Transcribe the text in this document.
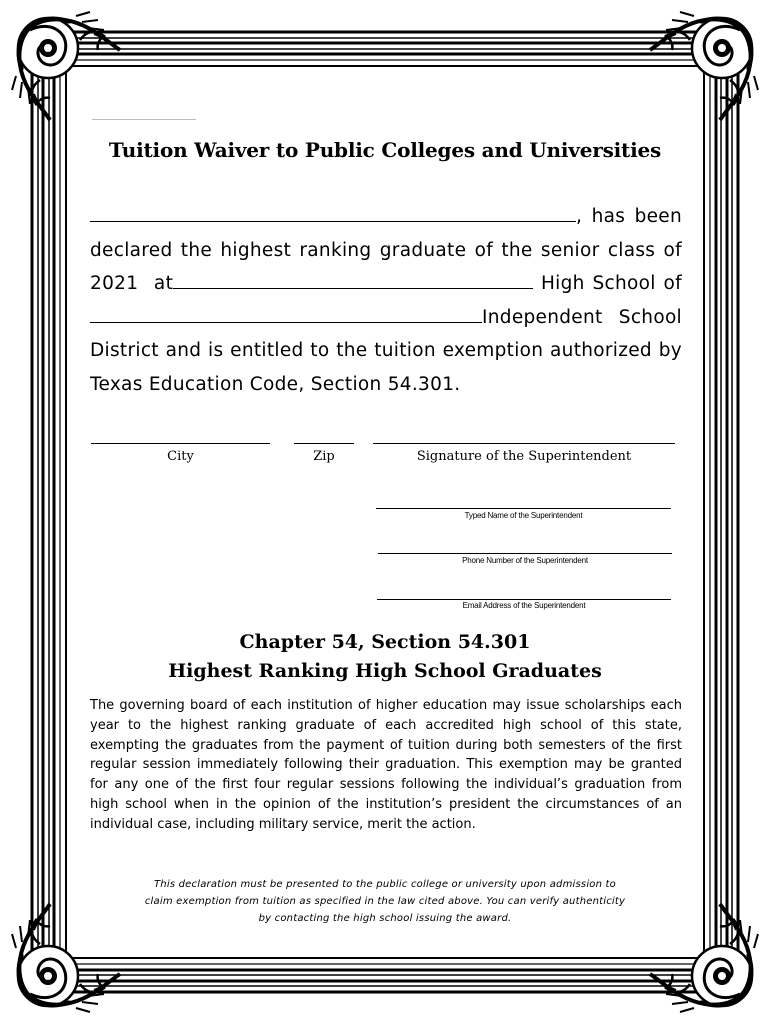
Tuition Waiver to Public Colleges and Universities
, has been
declared the highest ranking graduate of the senior class of
2021  at	High School of
Independent  School
District and is entitled to the tuition exemption authorized by
Texas Education Code, Section 54.301.
City	Zip	Signature of the Superintendent
Typed Name of the Superintendent
Phone Number of the Superintendent
Email Address of the Superintendent
Chapter 54, Section 54.301
Highest Ranking High School Graduates
The governing board of each institution of higher education may issue scholarships each year to the highest ranking graduate of each accredited high school of this state, exempting the graduates from the payment of tuition during both semesters of the first regular session immediately following their graduation. This exemption may be granted for any one of the first four regular sessions following the individual’s graduation from high school when in the opinion of the institution’s president the circumstances of an individual case, including military service, merit the action.
This declaration must be presented to the public college or university upon admission to
claim exemption from tuition as specified in the law cited above. You can verify authenticity
by contacting the high school issuing the award.
